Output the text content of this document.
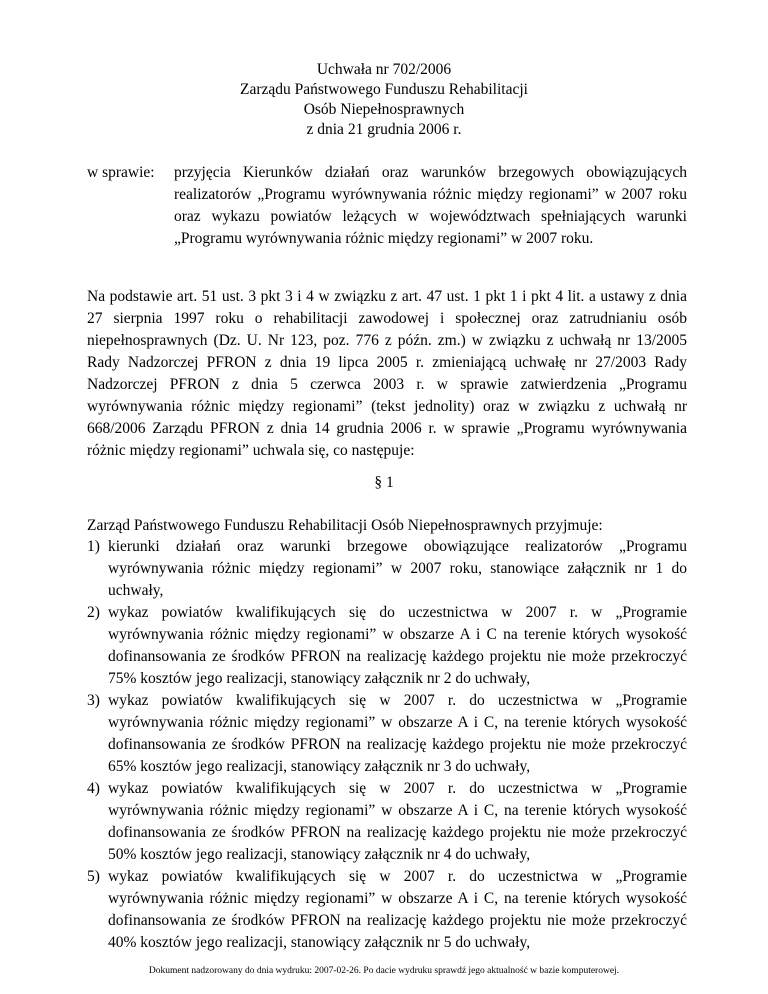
Uchwała nr 702/2006
Zarządu Państwowego Funduszu Rehabilitacji
Osób Niepełnosprawnych
z dnia 21 grudnia 2006 r.
w sprawie:	przyjęcia Kierunków działań oraz warunków brzegowych obowiązujących realizatorów „Programu wyrównywania różnic między regionami” w 2007 roku oraz wykazu powiatów leżących w województwach spełniających warunki „Programu wyrównywania różnic między regionami” w 2007 roku.
Na podstawie art. 51 ust. 3 pkt 3 i 4 w związku z art. 47 ust. 1 pkt 1 i pkt 4 lit. a ustawy z dnia 27 sierpnia 1997 roku o rehabilitacji zawodowej i społecznej oraz zatrudnianiu osób niepełnosprawnych (Dz. U. Nr 123, poz. 776 z późn. zm.) w związku z uchwałą nr 13/2005 Rady Nadzorczej PFRON z dnia 19 lipca 2005 r. zmieniającą uchwałę nr 27/2003 Rady Nadzorczej PFRON z dnia 5 czerwca 2003 r. w sprawie zatwierdzenia „Programu wyrównywania różnic między regionami” (tekst jednolity) oraz w związku z uchwałą nr 668/2006 Zarządu PFRON z dnia 14 grudnia 2006 r. w sprawie „Programu wyrównywania różnic między regionami” uchwala się, co następuje:
§ 1
Zarząd Państwowego Funduszu Rehabilitacji Osób Niepełnosprawnych przyjmuje:
1) kierunki działań oraz warunki brzegowe obowiązujące realizatorów „Programu wyrównywania różnic między regionami” w 2007 roku, stanowiące załącznik nr 1 do uchwały,
2) wykaz powiatów kwalifikujących się do uczestnictwa w 2007 r. w „Programie wyrównywania różnic między regionami” w obszarze A i C na terenie których wysokość dofinansowania ze środków PFRON na realizację każdego projektu nie może przekroczyć 75% kosztów jego realizacji, stanowiący załącznik nr 2 do uchwały,
3) wykaz powiatów kwalifikujących się w 2007 r. do uczestnictwa w „Programie wyrównywania różnic między regionami” w obszarze A i C, na terenie których wysokość dofinansowania ze środków PFRON na realizację każdego projektu nie może przekroczyć 65% kosztów jego realizacji, stanowiący załącznik nr 3 do uchwały,
4) wykaz powiatów kwalifikujących się w 2007 r. do uczestnictwa w „Programie wyrównywania różnic między regionami” w obszarze A i C, na terenie których wysokość dofinansowania ze środków PFRON na realizację każdego projektu nie może przekroczyć 50% kosztów jego realizacji, stanowiący załącznik nr 4 do uchwały,
5) wykaz powiatów kwalifikujących się w 2007 r. do uczestnictwa w „Programie wyrównywania różnic między regionami” w obszarze A i C, na terenie których wysokość dofinansowania ze środków PFRON na realizację każdego projektu nie może przekroczyć 40% kosztów jego realizacji, stanowiący załącznik nr 5 do uchwały,
Dokument nadzorowany do dnia wydruku: 2007-02-26. Po dacie wydruku sprawdź jego aktualność w bazie komputerowej.
